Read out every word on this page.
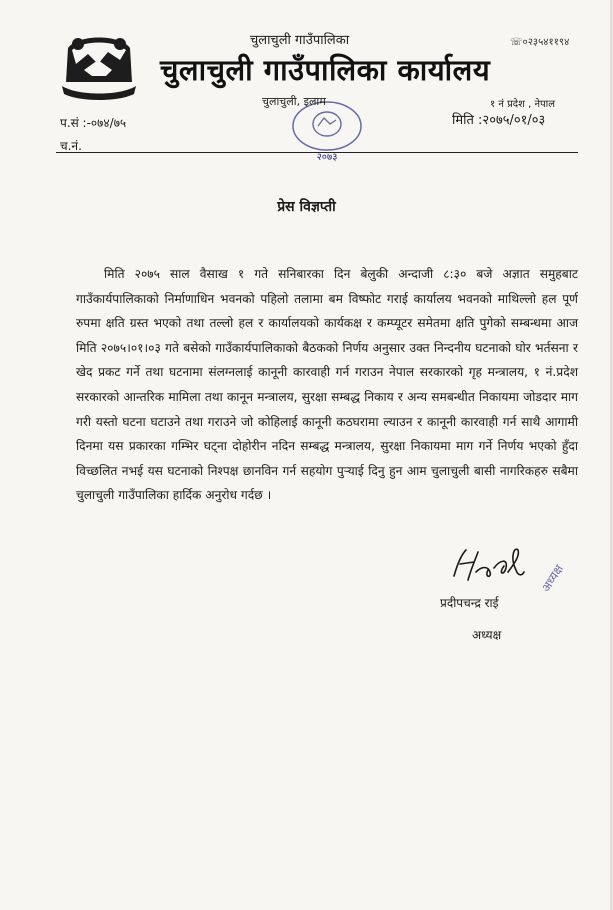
चुलाचुली गाउँपालिका	☏०२३५४११९४
चुलाचुली गाउँपालिका कार्यालय
२०७३
चुलाचुली, इलाम	१ नं प्रदेश , नेपाल
प.सं :-०७४/७५	मिति :२०७५/०१/०३
च.नं.
प्रेस विज्ञप्ती

मिति २०७५ साल वैसाख १ गते सनिबारका दिन बेलुकी अन्दाजी ८:३० बजे अज्ञात समुहबाट गाउँकार्यपालिकाको निर्माणाधिन भवनको पहिलो तलामा बम विष्फोट गराई कार्यालय भवनको माथिल्लो हल पूर्ण रुपमा क्षति ग्रस्त भएको तथा तल्लो हल र कार्यालयको कार्यकक्ष र कम्प्यूटर समेतमा क्षति पुगेको सम्बन्धमा आज मिति २०७५।०१।०३ गते बसेको गाउँकार्यपालिकाको बैठकको निर्णय अनुसार उक्त निन्दनीय घटनाको घोर भर्तसना र खेद प्रकट गर्ने तथा घटनामा संलग्नलाई कानूनी कारवाही गर्न गराउन नेपाल सरकारको गृह मन्त्रालय, १ नं.प्रदेश सरकारको आन्तरिक मामिला तथा कानून मन्त्रालय, सुरक्षा सम्बद्ध निकाय र अन्य समबन्धीत निकायमा जोडदार माग गरी यस्तो घटना घटाउने तथा गराउने जो कोहिलाई कानूनी कठघरामा ल्याउन र कानूनी कारवाही गर्न साथै आगामी दिनमा यस प्रकारका गम्भिर घट्ना दोहोरीन नदिन सम्बद्ध मन्त्रालय, सुरक्षा निकायमा माग गर्ने निर्णय भएको हुँदा विच्छलित नभई यस घटनाको निश्पक्ष छानविन गर्न सहयोग पुऱ्याई दिनु हुन आम चुलाचुली बासी नागरिकहरु सबैमा चुलाचुली गाउँपालिका हार्दिक अनुरोध गर्दछ ।

प्रदीपचन्द्र राई
अध्यक्ष
अध्यक्ष
